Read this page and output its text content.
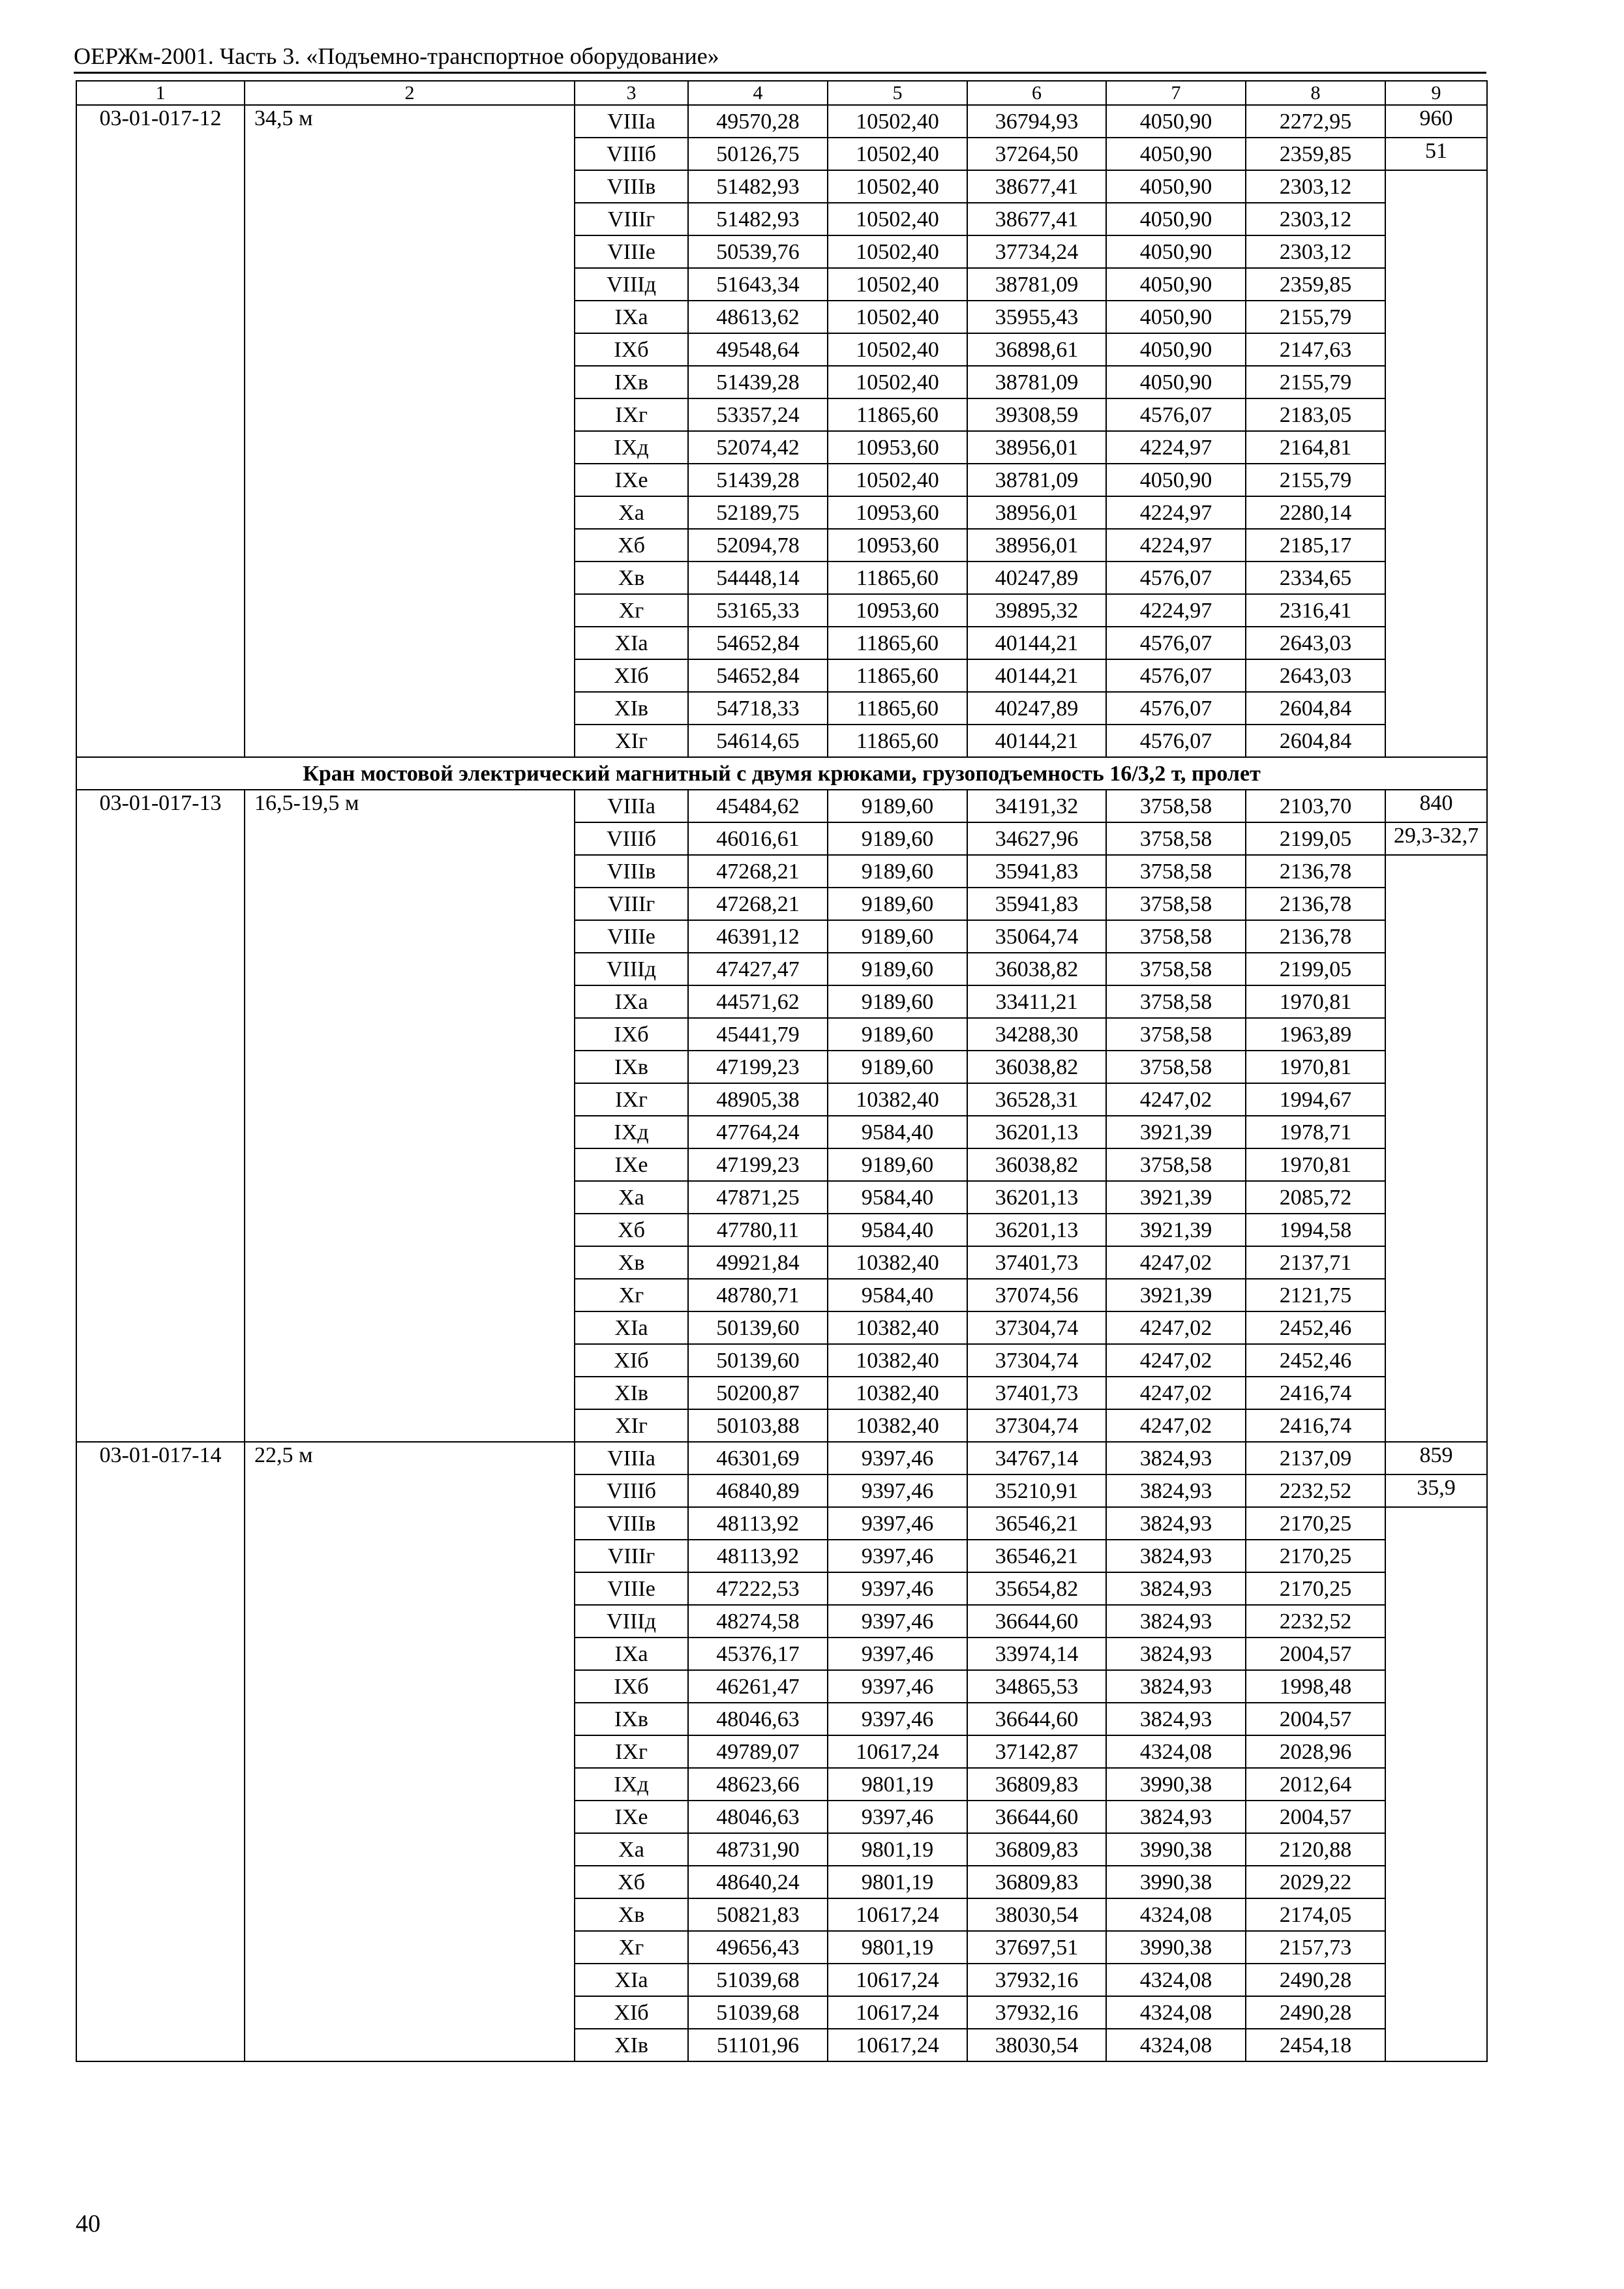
ОЕРЖм-2001. Часть 3. «Подъемно-транспортное оборудование»
1	2	3	4	5	6	7	8	9
03-01-017-12	34,5 м	VIIIа	49570,28	10502,40	36794,93	4050,90	2272,95	960
		VIIIб	50126,75	10502,40	37264,50	4050,90	2359,85	51
		VIIIв	51482,93	10502,40	38677,41	4050,90	2303,12	
		VIIIг	51482,93	10502,40	38677,41	4050,90	2303,12	
		VIIIе	50539,76	10502,40	37734,24	4050,90	2303,12	
		VIIIд	51643,34	10502,40	38781,09	4050,90	2359,85	
		IXа	48613,62	10502,40	35955,43	4050,90	2155,79	
		IXб	49548,64	10502,40	36898,61	4050,90	2147,63	
		IXв	51439,28	10502,40	38781,09	4050,90	2155,79	
		IXг	53357,24	11865,60	39308,59	4576,07	2183,05	
		IXд	52074,42	10953,60	38956,01	4224,97	2164,81	
		IXе	51439,28	10502,40	38781,09	4050,90	2155,79	
		Xа	52189,75	10953,60	38956,01	4224,97	2280,14	
		Xб	52094,78	10953,60	38956,01	4224,97	2185,17	
		Xв	54448,14	11865,60	40247,89	4576,07	2334,65	
		Xг	53165,33	10953,60	39895,32	4224,97	2316,41	
		XIа	54652,84	11865,60	40144,21	4576,07	2643,03	
		XIб	54652,84	11865,60	40144,21	4576,07	2643,03	
		XIв	54718,33	11865,60	40247,89	4576,07	2604,84	
		XIг	54614,65	11865,60	40144,21	4576,07	2604,84	
Кран мостовой электрический магнитный с двумя крюками, грузоподъемность 16/3,2 т, пролет								
03-01-017-13	16,5-19,5 м	VIIIа	45484,62	9189,60	34191,32	3758,58	2103,70	840
		VIIIб	46016,61	9189,60	34627,96	3758,58	2199,05	29,3-32,7
		VIIIв	47268,21	9189,60	35941,83	3758,58	2136,78	
		VIIIг	47268,21	9189,60	35941,83	3758,58	2136,78	
		VIIIе	46391,12	9189,60	35064,74	3758,58	2136,78	
		VIIIд	47427,47	9189,60	36038,82	3758,58	2199,05	
		IXа	44571,62	9189,60	33411,21	3758,58	1970,81	
		IXб	45441,79	9189,60	34288,30	3758,58	1963,89	
		IXв	47199,23	9189,60	36038,82	3758,58	1970,81	
		IXг	48905,38	10382,40	36528,31	4247,02	1994,67	
		IXд	47764,24	9584,40	36201,13	3921,39	1978,71	
		IXе	47199,23	9189,60	36038,82	3758,58	1970,81	
		Xа	47871,25	9584,40	36201,13	3921,39	2085,72	
		Xб	47780,11	9584,40	36201,13	3921,39	1994,58	
		Xв	49921,84	10382,40	37401,73	4247,02	2137,71	
		Xг	48780,71	9584,40	37074,56	3921,39	2121,75	
		XIа	50139,60	10382,40	37304,74	4247,02	2452,46	
		XIб	50139,60	10382,40	37304,74	4247,02	2452,46	
		XIв	50200,87	10382,40	37401,73	4247,02	2416,74	
		XIг	50103,88	10382,40	37304,74	4247,02	2416,74	
03-01-017-14	22,5 м	VIIIа	46301,69	9397,46	34767,14	3824,93	2137,09	859
		VIIIб	46840,89	9397,46	35210,91	3824,93	2232,52	35,9
		VIIIв	48113,92	9397,46	36546,21	3824,93	2170,25	
		VIIIг	48113,92	9397,46	36546,21	3824,93	2170,25	
		VIIIе	47222,53	9397,46	35654,82	3824,93	2170,25	
		VIIIд	48274,58	9397,46	36644,60	3824,93	2232,52	
		IXа	45376,17	9397,46	33974,14	3824,93	2004,57	
		IXб	46261,47	9397,46	34865,53	3824,93	1998,48	
		IXв	48046,63	9397,46	36644,60	3824,93	2004,57	
		IXг	49789,07	10617,24	37142,87	4324,08	2028,96	
		IXд	48623,66	9801,19	36809,83	3990,38	2012,64	
		IXе	48046,63	9397,46	36644,60	3824,93	2004,57	
		Xа	48731,90	9801,19	36809,83	3990,38	2120,88	
		Xб	48640,24	9801,19	36809,83	3990,38	2029,22	
		Xв	50821,83	10617,24	38030,54	4324,08	2174,05	
		Xг	49656,43	9801,19	37697,51	3990,38	2157,73	
		XIа	51039,68	10617,24	37932,16	4324,08	2490,28	
		XIб	51039,68	10617,24	37932,16	4324,08	2490,28	
		XIв	51101,96	10617,24	38030,54	4324,08	2454,18	
40
